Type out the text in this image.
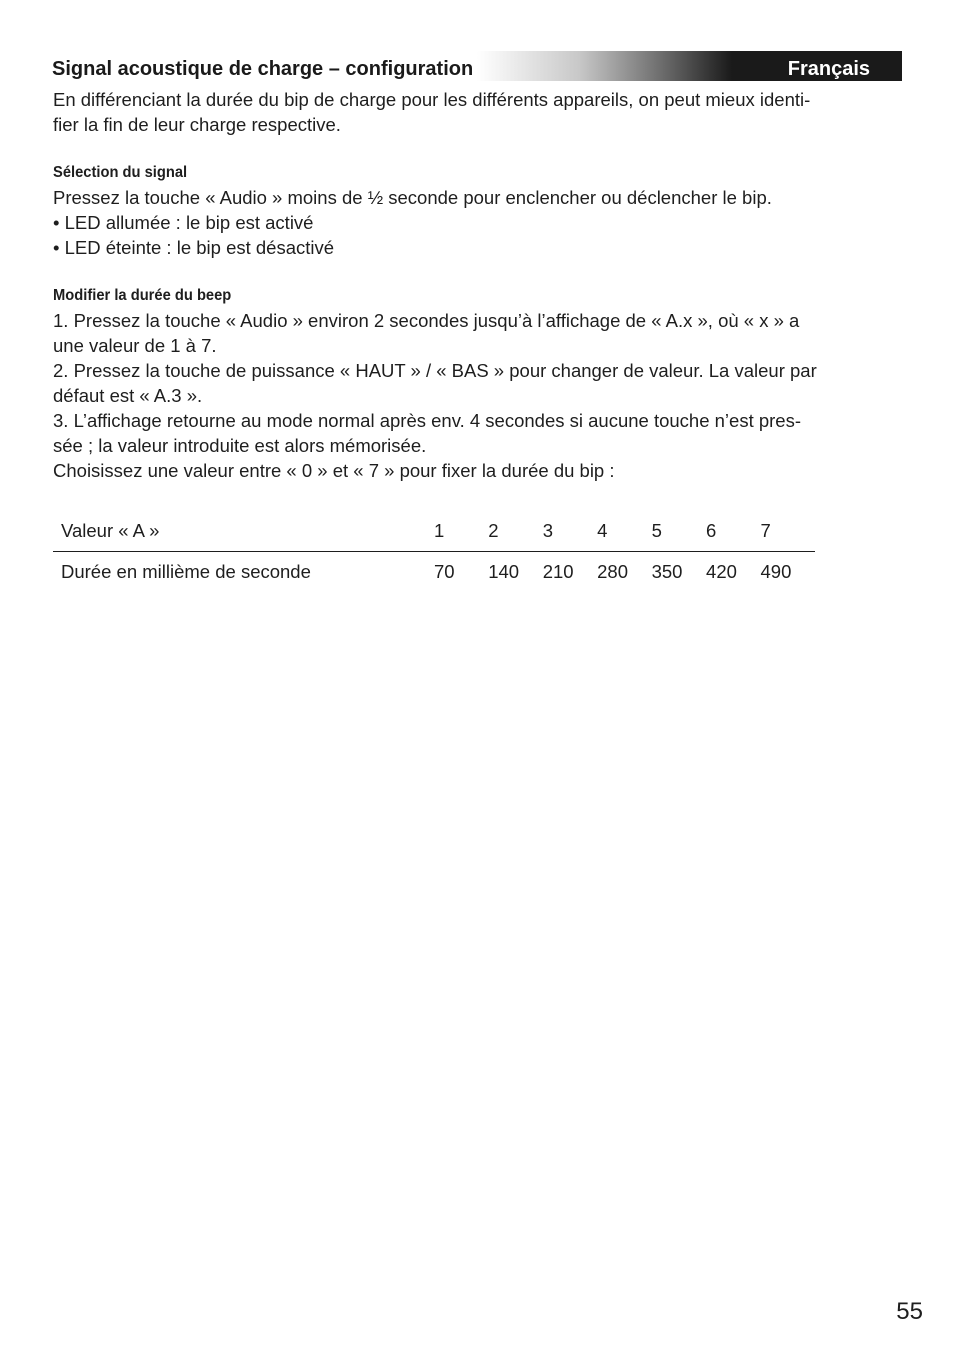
Signal acoustique de charge – configuration	Français

En différenciant la durée du bip de charge pour les différents appareils, on peut mieux identi-

fier la fin de leur charge respective.

Sélection du signal

Pressez la touche « Audio » moins de ½ seconde pour enclencher ou déclencher le bip.

• LED allumée : le bip est activé

• LED éteinte : le bip est désactivé

Modifier la durée du beep

1. Pressez la touche « Audio » environ 2 secondes jusqu’à l’affichage de « A.x », où « x » a

une valeur de 1 à 7.

2. Pressez la touche de puissance « HAUT » / « BAS » pour changer de valeur. La valeur par

défaut est « A.3 ».

3. L’affichage retourne au mode normal après env. 4 secondes si aucune touche n’est pres-

sée ; la valeur introduite est alors mémorisée.

Choisissez une valeur entre « 0 » et « 7 » pour fixer la durée du bip :

Valeur « A »	1	2	3	4	5	6	7
Durée en millième de seconde	70	140	210	280	350	420	490
55
